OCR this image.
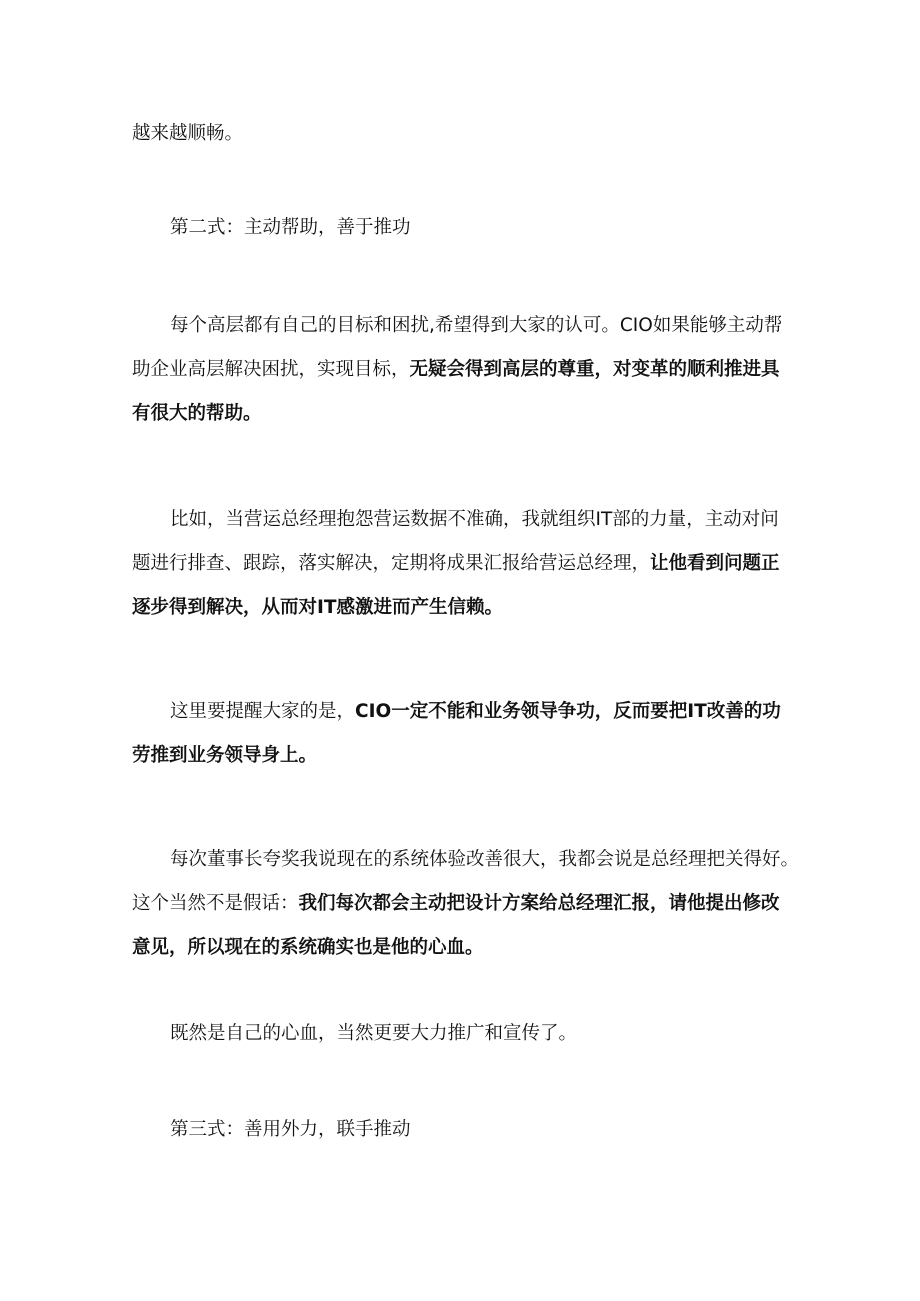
越来越顺畅。
第二式：主动帮助，善于推功
每个高层都有自己的目标和困扰,希望得到大家的认可。CIO如果能够主动帮
助企业高层解决困扰，实现目标，无疑会得到高层的尊重，对变革的顺利推进具
有很大的帮助。
比如，当营运总经理抱怨营运数据不准确，我就组织IT部的力量，主动对问
题进行排查、跟踪，落实解决，定期将成果汇报给营运总经理，让他看到问题正
逐步得到解决，从而对IT感激进而产生信赖。
这里要提醒大家的是，CIO一定不能和业务领导争功，反而要把IT改善的功
劳推到业务领导身上。
每次董事长夸奖我说现在的系统体验改善很大，我都会说是总经理把关得好。
这个当然不是假话：我们每次都会主动把设计方案给总经理汇报，请他提出修改
意见，所以现在的系统确实也是他的心血。
既然是自己的心血，当然更要大力推广和宣传了。
第三式：善用外力，联手推动
